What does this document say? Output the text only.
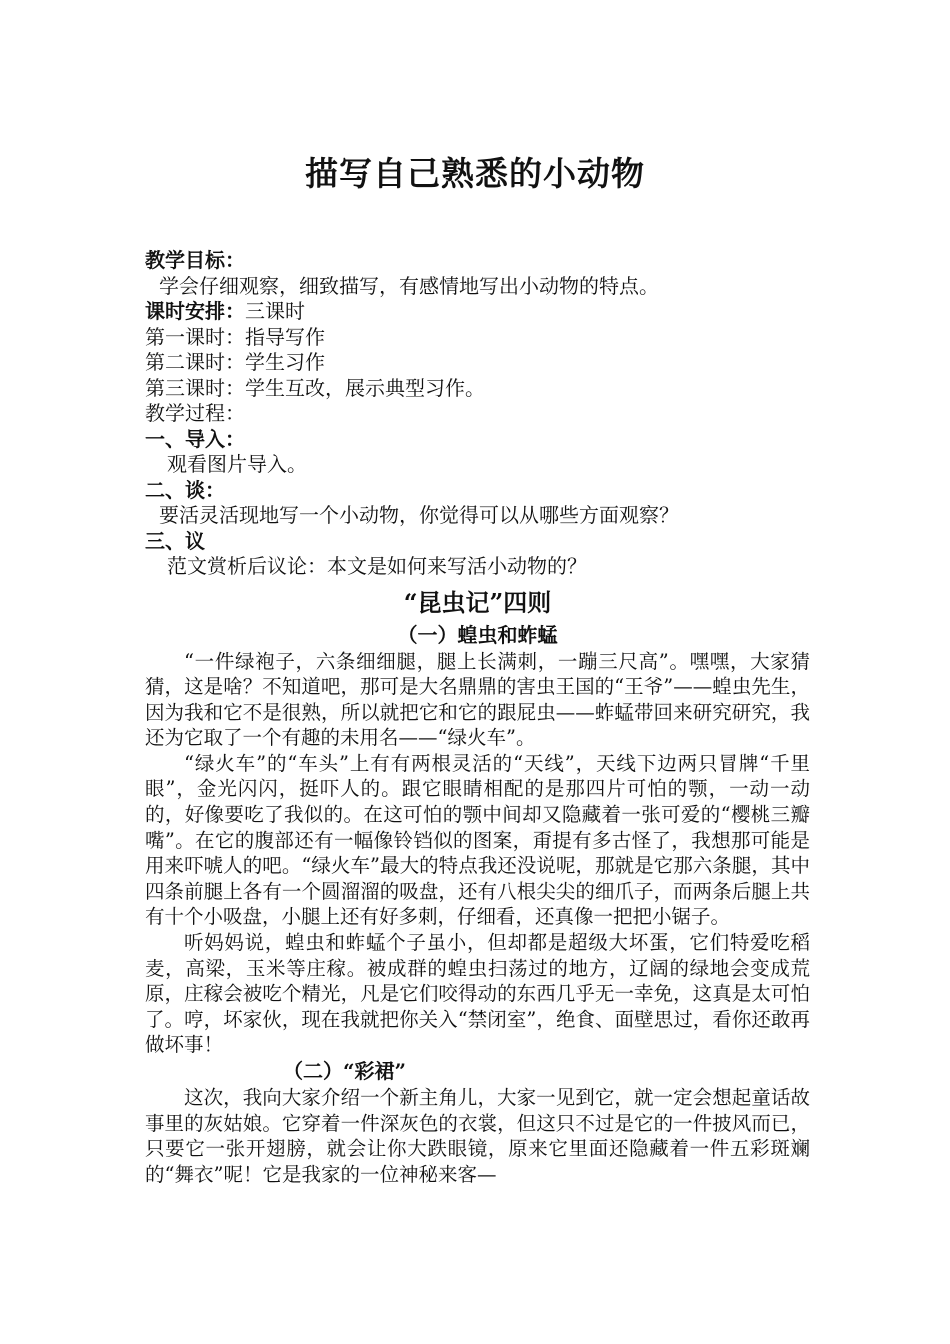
描写自己熟悉的小动物
教学目标：
学会仔细观察，细致描写，有感情地写出小动物的特点。
课时安排：三课时
第一课时：指导写作
第二课时：学生习作
第三课时：学生互改，展示典型习作。
教学过程：
一、导入：
观看图片导入。
二、谈：
要活灵活现地写一个小动物，你觉得可以从哪些方面观察？
三、议
范文赏析后议论：本文是如何来写活小动物的？
“昆虫记”四则
（一）蝗虫和蚱蜢

“一件绿袍子，六条细细腿，腿上长满刺，一蹦三尺高”。嘿嘿，大家猜猜，这是啥？不知道吧，那可是大名鼎鼎的害虫王国的“王爷”——蝗虫先生，因为我和它不是很熟，所以就把它和它的跟屁虫——蚱蜢带回来研究研究，我还为它取了一个有趣的未用名——“绿火车”。

“绿火车”的“车头”上有有两根灵活的“天线”，天线下边两只冒牌“千里眼”，金光闪闪，挺吓人的。跟它眼睛相配的是那四片可怕的颚，一动一动的，好像要吃了我似的。在这可怕的颚中间却又隐藏着一张可爱的“樱桃三瓣嘴”。在它的腹部还有一幅像铃铛似的图案，甭提有多古怪了，我想那可能是用来吓唬人的吧。“绿火车”最大的特点我还没说呢，那就是它那六条腿，其中四条前腿上各有一个圆溜溜的吸盘，还有八根尖尖的细爪子，而两条后腿上共有十个小吸盘，小腿上还有好多刺，仔细看，还真像一把把小锯子。

听妈妈说，蝗虫和蚱蜢个子虽小，但却都是超级大坏蛋，它们特爱吃稻麦，高梁，玉米等庄稼。被成群的蝗虫扫荡过的地方，辽阔的绿地会变成荒原，庄稼会被吃个精光，凡是它们咬得动的东西几乎无一幸免，这真是太可怕了。哼，坏家伙，现在我就把你关入“禁闭室”，绝食、面壁思过，看你还敢再做坏事！

（二）“彩裙”

这次，我向大家介绍一个新主角儿，大家一见到它，就一定会想起童话故事里的灰姑娘。它穿着一件深灰色的衣裳，但这只不过是它的一件披风而已，只要它一张开翅膀，就会让你大跌眼镜，原来它里面还隐藏着一件五彩斑斓的“舞衣”呢！它是我家的一位神秘来客—
